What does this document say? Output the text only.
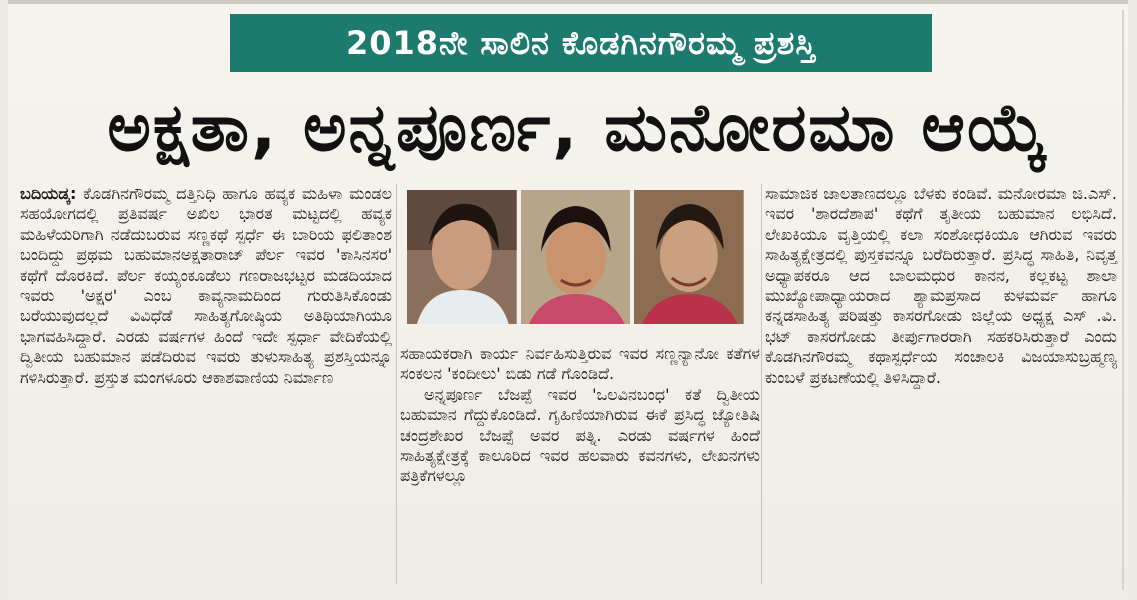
2018ನೇ ಸಾಲಿನ ಕೊಡಗಿನಗೌರಮ್ಮ ಪ್ರಶಸ್ತಿ
ಅಕ್ಷತಾ, ಅನ್ನಪೂರ್ಣ, ಮನೋರಮಾ ಆಯ್ಕೆ

ಬದಿಯಡ್ಕ: ಕೊಡಗಿನಗೌರಮ್ಮ ದತ್ತಿನಿಧಿ ಹಾಗೂ ಹವ್ಯಕ ಮಹಿಳಾ ಮಂಡಲ ಸಹಯೋಗದಲ್ಲಿ ಪ್ರತಿವರ್ಷ ಅಖಿಲ ಭಾರತ ಮಟ್ಟದಲ್ಲಿ ಹವ್ಯಕ ಮಹಿಳೆಯರಿಗಾಗಿ ನಡೆದುಬರುವ ಸಣ್ಣಕಥೆ ಸ್ಪರ್ಧೆ ಈ ಬಾರಿಯ ಫಲಿತಾಂಶ ಬಂದಿದ್ದು ಪ್ರಥಮ ಬಹುಮಾನಅಕ್ಷತಾರಾಜ್ ಪೆರ್ಲ ಇವರ 'ಕಾಸಿನಸರ' ಕಥೆಗೆ ದೊರಕಿದೆ. ಪೆರ್ಲ ಕಯ್ಯಂಕೂಡೆಲು ಗಣರಾಜಭಟ್ಟರ ಮಡದಿಯಾದ ಇವರು 'ಅಕ್ಷರ' ಎಂಬ ಕಾವ್ಯನಾಮದಿಂದ ಗುರುತಿಸಿಕೊಂಡು ಬರೆಯುವುದಲ್ಲದೆ ವಿವಿಧೆಡೆ ಸಾಹಿತ್ಯಗೋಷ್ಠಿಯ ಅತಿಥಿಯಾಗಿಯೂ ಭಾಗವಹಿಸಿದ್ದಾರೆ. ಎರಡು ವರ್ಷಗಳ ಹಿಂದೆ ಇದೇ ಸ್ಪರ್ಧಾ ವೇದಿಕೆಯಲ್ಲಿ ದ್ವಿತೀಯ ಬಹುಮಾನ ಪಡೆದಿರುವ ಇವರು ತುಳುಸಾಹಿತ್ಯ ಪ್ರಶಸ್ತಿಯನ್ನೂ ಗಳಿಸಿರುತ್ತಾರೆ. ಪ್ರಸ್ತುತ ಮಂಗಳೂರು ಆಕಾಶವಾಣಿಯ ನಿರ್ಮಾಣ

ಸಹಾಯಕರಾಗಿ ಕಾರ್ಯ ನಿರ್ವಹಿಸುತ್ತಿರುವ ಇವರ ಸಣ್ಣನ್ಯಾನೋ ಕತೆಗಳ ಸಂಕಲನ 'ಕಂದೀಲು' ಬಿಡು ಗಡೆ ಗೊಂಡಿದೆ.

ಅನ್ನಪೂರ್ಣ ಬೆಜಪ್ಪೆ ಇವರ 'ಒಲವಿನಬಂಧ' ಕತೆ ದ್ವಿತೀಯ ಬಹುಮಾನ ಗೆದ್ದುಕೊಂಡಿದೆ. ಗೃಹಿಣಿಯಾಗಿರುವ ಈಕೆ ಪ್ರಸಿದ್ಧ ಜ್ಯೋತಿಷಿ ಚಂದ್ರಶೇಖರ ಬೆಜಪ್ಪೆ ಅವರ ಪತ್ನಿ. ಎರಡು ವರ್ಷಗಳ ಹಿಂದೆ ಸಾಹಿತ್ಯಕ್ಷೇತ್ರಕ್ಕೆ ಕಾಲೂರಿದ ಇವರ ಹಲವಾರು ಕವನಗಳು, ಲೇಖನಗಳು ಪತ್ರಿಕೆಗಳಲ್ಲೂ

ಸಾಮಾಜಿಕ ಜಾಲತಾಣದಲ್ಲೂ ಬೆಳಕು ಕಂಡಿವೆ. ಮನೋರಮಾ ಜಿ.ಎಸ್. ಇವರ 'ಶಾರದೆಶಾಪ' ಕಥೆಗೆ ತೃತೀಯ ಬಹುಮಾನ ಲಭಿಸಿದೆ. ಲೇಖಕಿಯೂ ವೃತ್ತಿಯಲ್ಲಿ ಕಲಾ ಸಂಶೋಧಕಿಯೂ ಆಗಿರುವ ಇವರು ಸಾಹಿತ್ಯಕ್ಷೇತ್ರದಲ್ಲಿ ಪುಸ್ತಕವನ್ನೂ ಬರೆದಿರುತ್ತಾರೆ. ಪ್ರಸಿದ್ಧ ಸಾಹಿತಿ, ನಿವೃತ್ತ ಅಧ್ಯಾಪಕರೂ ಆದ ಬಾಲಮಧುರ ಕಾನನ, ಕಲ್ಲಕಟ್ಟ ಶಾಲಾ ಮುಖ್ಯೋಪಾಧ್ಯಾಯರಾದ ಶ್ಯಾಮಪ್ರಸಾದ ಕುಳಮರ್ವ ಹಾಗೂ ಕನ್ನಡಸಾಹಿತ್ಯ ಪರಿಷತ್ತು ಕಾಸರಗೋಡು ಜಿಲ್ಲೆಯ ಅಧ್ಯಕ್ಷ ಎಸ್ .ವಿ. ಭಟ್ ಕಾಸರಗೋಡು ತೀರ್ಪುಗಾರರಾಗಿ ಸಹಕರಿಸಿರುತ್ತಾರೆ ಎಂದು ಕೊಡಗಿನಗೌರಮ್ಮ ಕಥಾಸ್ಪರ್ಧೆಯ ಸಂಚಾಲಕಿ ವಿಜಯಾಸುಬ್ರಹ್ಮಣ್ಯ ಕುಂಬಳೆ ಪ್ರಕಟಣೆಯಲ್ಲಿ ತಿಳಿಸಿದ್ದಾರೆ.
